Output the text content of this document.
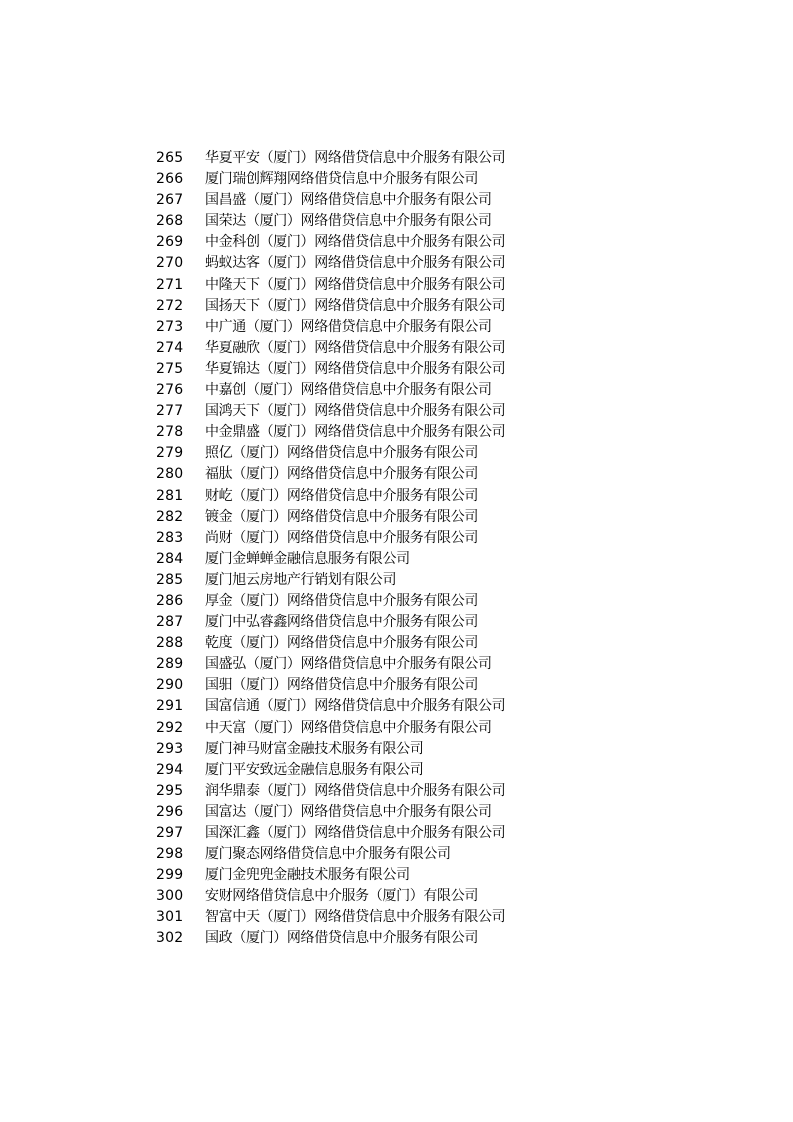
265	华夏平安（厦门）网络借贷信息中介服务有限公司
266	厦门瑞创辉翔网络借贷信息中介服务有限公司
267	国昌盛（厦门）网络借贷信息中介服务有限公司
268	国荣达（厦门）网络借贷信息中介服务有限公司
269	中金科创（厦门）网络借贷信息中介服务有限公司
270	蚂蚁达客（厦门）网络借贷信息中介服务有限公司
271	中隆天下（厦门）网络借贷信息中介服务有限公司
272	国扬天下（厦门）网络借贷信息中介服务有限公司
273	中广通（厦门）网络借贷信息中介服务有限公司
274	华夏融欣（厦门）网络借贷信息中介服务有限公司
275	华夏锦达（厦门）网络借贷信息中介服务有限公司
276	中嘉创（厦门）网络借贷信息中介服务有限公司
277	国鸿天下（厦门）网络借贷信息中介服务有限公司
278	中金鼎盛（厦门）网络借贷信息中介服务有限公司
279	照亿（厦门）网络借贷信息中介服务有限公司
280	福肽（厦门）网络借贷信息中介服务有限公司
281	财屹（厦门）网络借贷信息中介服务有限公司
282	镀金（厦门）网络借贷信息中介服务有限公司
283	尚财（厦门）网络借贷信息中介服务有限公司
284	厦门金蝉蝉金融信息服务有限公司
285	厦门旭云房地产行销划有限公司
286	厚金（厦门）网络借贷信息中介服务有限公司
287	厦门中弘睿鑫网络借贷信息中介服务有限公司
288	乾度（厦门）网络借贷信息中介服务有限公司
289	国盛弘（厦门）网络借贷信息中介服务有限公司
290	国驲（厦门）网络借贷信息中介服务有限公司
291	国富信通（厦门）网络借贷信息中介服务有限公司
292	中天富（厦门）网络借贷信息中介服务有限公司
293	厦门神马财富金融技术服务有限公司
294	厦门平安致远金融信息服务有限公司
295	润华鼎泰（厦门）网络借贷信息中介服务有限公司
296	国富达（厦门）网络借贷信息中介服务有限公司
297	国深汇鑫（厦门）网络借贷信息中介服务有限公司
298	厦门聚态网络借贷信息中介服务有限公司
299	厦门金兜兜金融技术服务有限公司
300	安财网络借贷信息中介服务（厦门）有限公司
301	智富中天（厦门）网络借贷信息中介服务有限公司
302	国政（厦门）网络借贷信息中介服务有限公司
